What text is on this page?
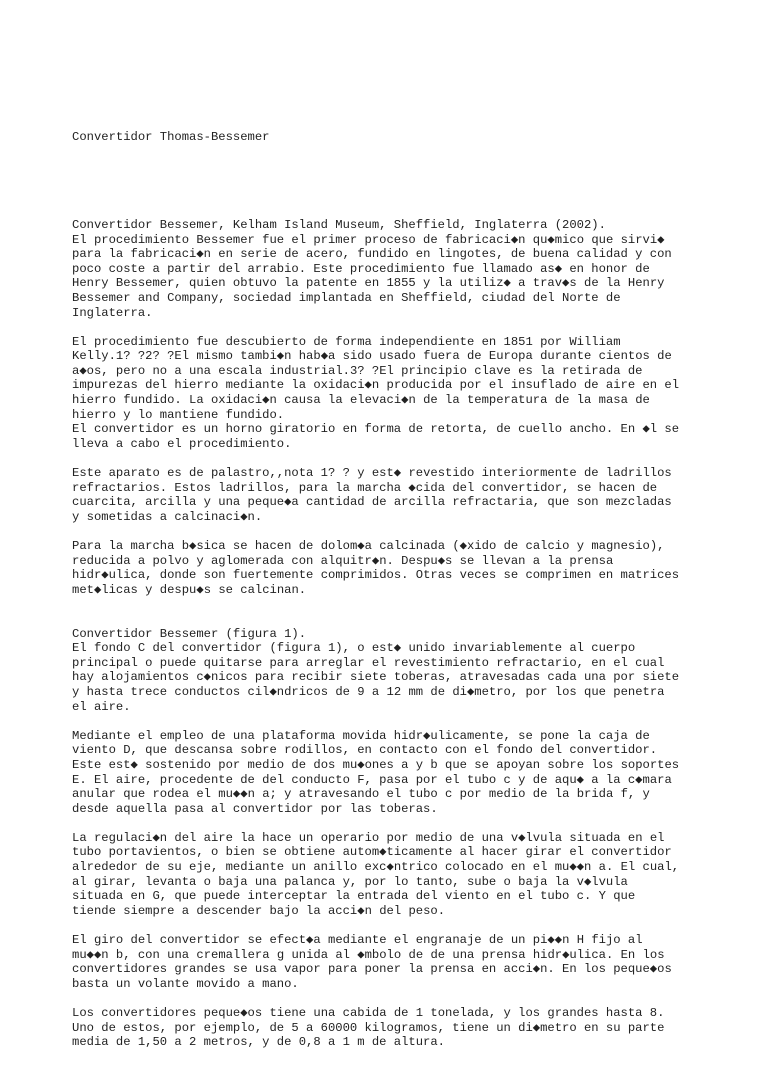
Convertidor Thomas-Bessemer

Convertidor Bessemer, Kelham Island Museum, Sheffield, Inglaterra (2002).
El procedimiento Bessemer fue el primer proceso de fabricaci◆n qu◆mico que sirvi◆
para la fabricaci◆n en serie de acero, fundido en lingotes, de buena calidad y con
poco coste a partir del arrabio. Este procedimiento fue llamado as◆ en honor de
Henry Bessemer, quien obtuvo la patente en 1855 y la utiliz◆ a trav◆s de la Henry
Bessemer and Company, sociedad implantada en Sheffield, ciudad del Norte de
Inglaterra.
El procedimiento fue descubierto de forma independiente en 1851 por William
Kelly.1? ?2? ?El mismo tambi◆n hab◆a sido usado fuera de Europa durante cientos de
a◆os, pero no a una escala industrial.3? ?El principio clave es la retirada de
impurezas del hierro mediante la oxidaci◆n producida por el insuflado de aire en el
hierro fundido. La oxidaci◆n causa la elevaci◆n de la temperatura de la masa de
hierro y lo mantiene fundido.
El convertidor es un horno giratorio en forma de retorta, de cuello ancho. En ◆l se
lleva a cabo el procedimiento.
Este aparato es de palastro,,nota 1? ? y est◆ revestido interiormente de ladrillos
refractarios. Estos ladrillos, para la marcha ◆cida del convertidor, se hacen de
cuarcita, arcilla y una peque◆a cantidad de arcilla refractaria, que son mezcladas
y sometidas a calcinaci◆n.
Para la marcha b◆sica se hacen de dolom◆a calcinada (◆xido de calcio y magnesio),
reducida a polvo y aglomerada con alquitr◆n. Despu◆s se llevan a la prensa
hidr◆ulica, donde son fuertemente comprimidos. Otras veces se comprimen en matrices
met◆licas y despu◆s se calcinan.
Convertidor Bessemer (figura 1).
El fondo C del convertidor (figura 1), o est◆ unido invariablemente al cuerpo
principal o puede quitarse para arreglar el revestimiento refractario, en el cual
hay alojamientos c◆nicos para recibir siete toberas, atravesadas cada una por siete
y hasta trece conductos cil◆ndricos de 9 a 12 mm de di◆metro, por los que penetra
el aire.
Mediante el empleo de una plataforma movida hidr◆ulicamente, se pone la caja de
viento D, que descansa sobre rodillos, en contacto con el fondo del convertidor.
Este est◆ sostenido por medio de dos mu◆ones a y b que se apoyan sobre los soportes
E. El aire, procedente de del conducto F, pasa por el tubo c y de aqu◆ a la c◆mara
anular que rodea el mu◆◆n a; y atravesando el tubo c por medio de la brida f, y
desde aquella pasa al convertidor por las toberas.
La regulaci◆n del aire la hace un operario por medio de una v◆lvula situada en el
tubo portavientos, o bien se obtiene autom◆ticamente al hacer girar el convertidor
alrededor de su eje, mediante un anillo exc◆ntrico colocado en el mu◆◆n a. El cual,
al girar, levanta o baja una palanca y, por lo tanto, sube o baja la v◆lvula
situada en G, que puede interceptar la entrada del viento en el tubo c. Y que
tiende siempre a descender bajo la acci◆n del peso.
El giro del convertidor se efect◆a mediante el engranaje de un pi◆◆n H fijo al
mu◆◆n b, con una cremallera g unida al ◆mbolo de de una prensa hidr◆ulica. En los
convertidores grandes se usa vapor para poner la prensa en acci◆n. En los peque◆os
basta un volante movido a mano.
Los convertidores peque◆os tiene una cabida de 1 tonelada, y los grandes hasta 8.
Uno de estos, por ejemplo, de 5 a 60000 kilogramos, tiene un di◆metro en su parte
media de 1,50 a 2 metros, y de 0,8 a 1 m de altura.
